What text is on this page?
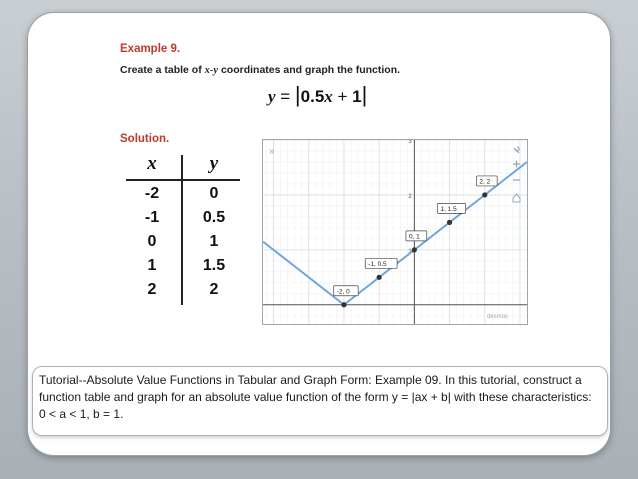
Example 9.
Create a table of x-y coordinates and graph the function.
y = |0.5x + 1|
Solution.
x	y
-2	0
-1	0.5
0	1
1	1.5
2	2
1
2
3
-2, 0
-1, 0.5
0, 1
1, 1.5
2, 2
»
desmos
Tutorial--Absolute Value Functions in Tabular and Graph Form: Example 09. In this tutorial, construct a function table and graph for an absolute value function of the form y = |ax + b| with these characteristics: 0 < a < 1, b = 1.
